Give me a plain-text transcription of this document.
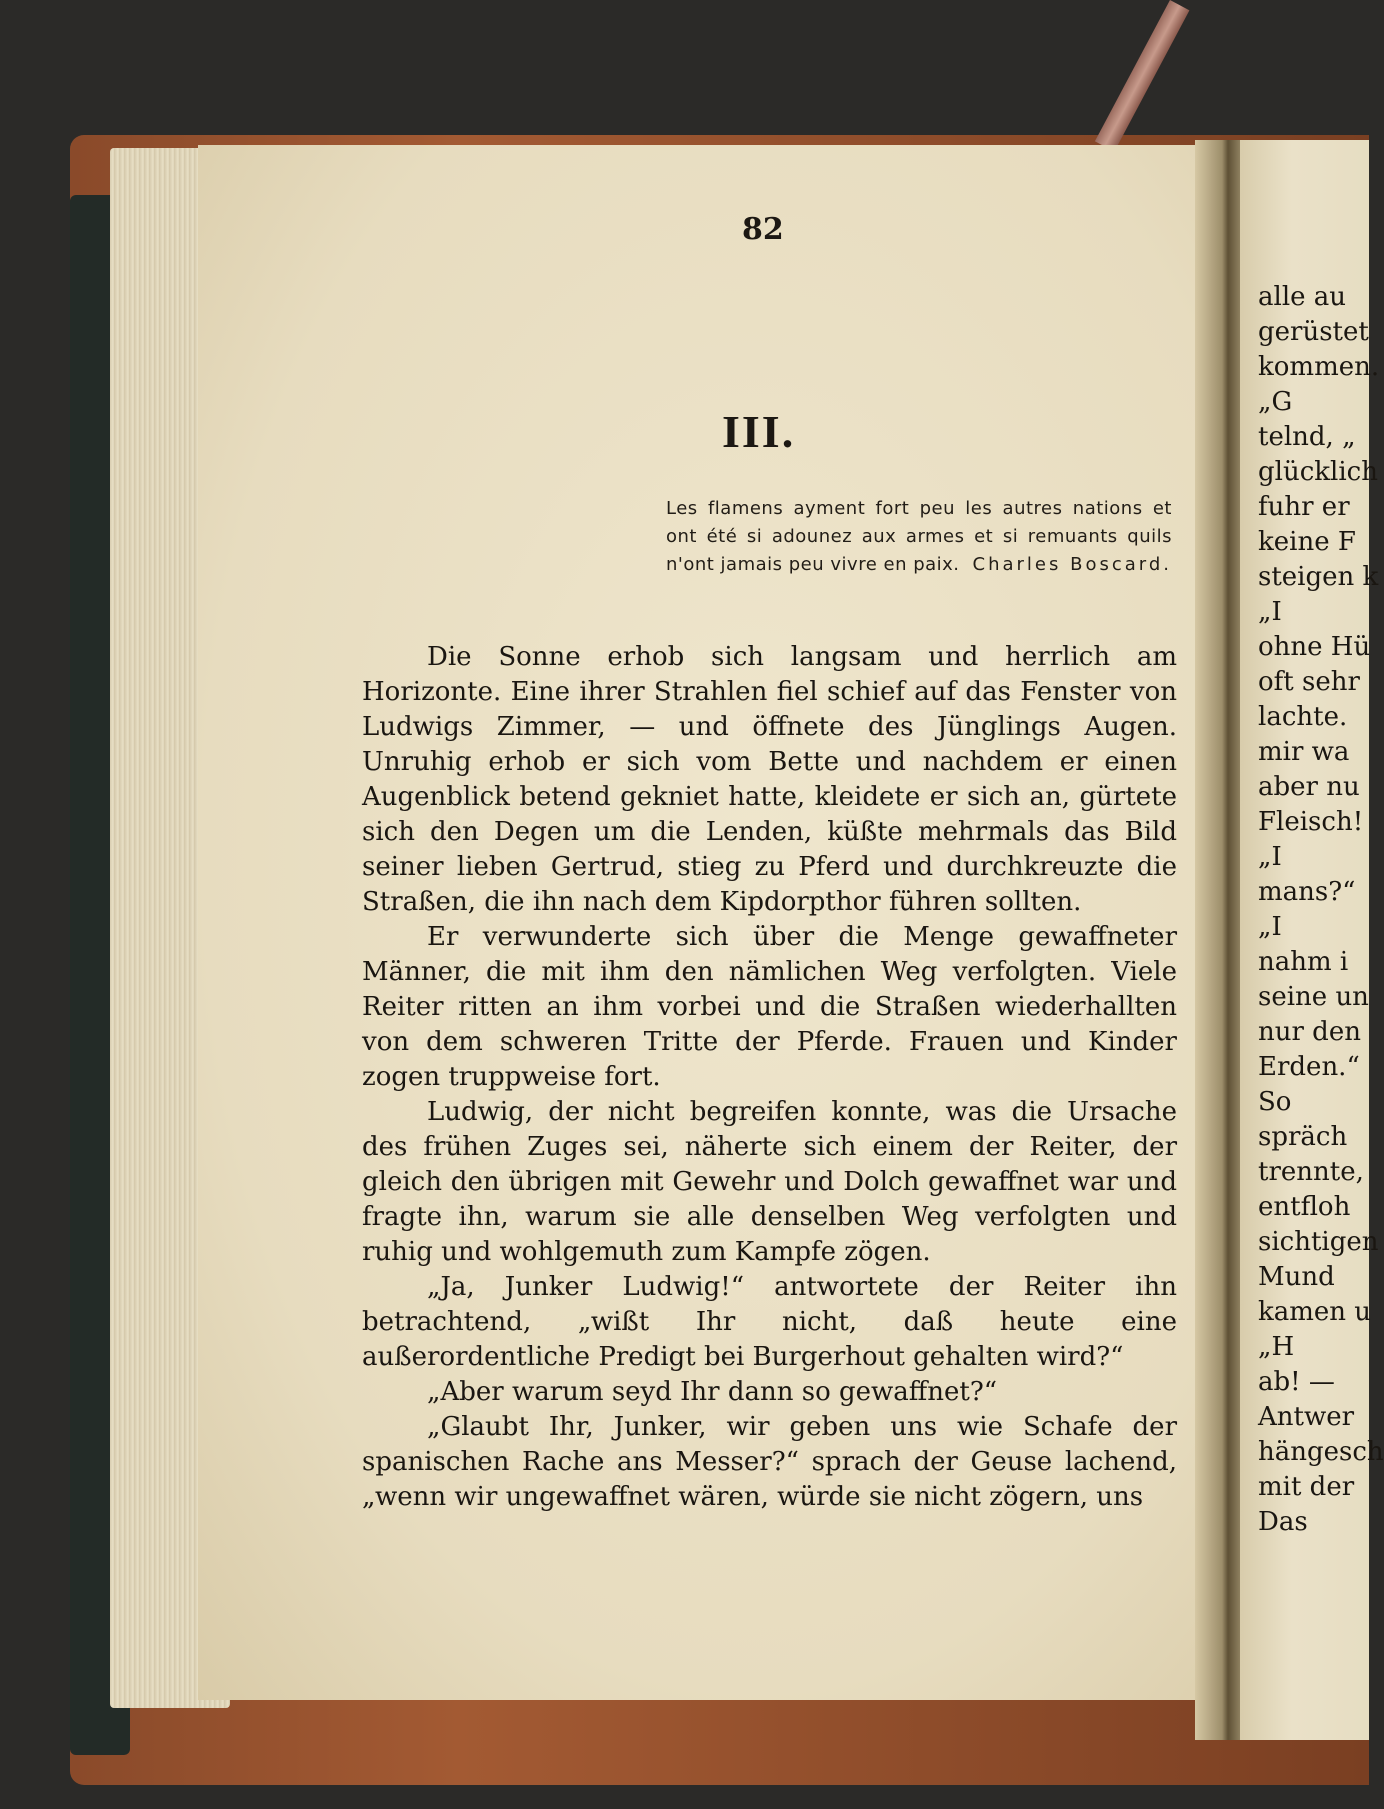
82
III.
Les flamens ayment fort peu les autres nations et ont été si adounez aux armes et si remuants quils n'ont jamais peu vivre en paix. Charles Boscard.

Die Sonne erhob sich langsam und herrlich am Horizonte. Eine ihrer Strahlen fiel schief auf das Fenster von Ludwigs Zimmer, — und öffnete des Jünglings Augen. Unruhig erhob er sich vom Bette und nachdem er einen Augenblick betend gekniet hatte, kleidete er sich an, gürtete sich den Degen um die Lenden, küßte mehrmals das Bild seiner lieben Gertrud, stieg zu Pferd und durchkreuzte die Straßen, die ihn nach dem Kipdorpthor führen sollten.

Er verwunderte sich über die Menge gewaffneter Männer, die mit ihm den nämlichen Weg verfolgten. Viele Reiter ritten an ihm vorbei und die Straßen wiederhallten von dem schweren Tritte der Pferde. Frauen und Kinder zogen truppweise fort.

Ludwig, der nicht begreifen konnte, was die Ursache des frühen Zuges sei, näherte sich einem der Reiter, der gleich den übrigen mit Gewehr und Dolch gewaffnet war und fragte ihn, warum sie alle denselben Weg verfolgten und ruhig und wohlgemuth zum Kampfe zögen.

„Ja, Junker Ludwig!“ antwortete der Reiter ihn betrachtend, „wißt Ihr nicht, daß heute eine außerordentliche Predigt bei Burgerhout gehalten wird?“

„Aber warum seyd Ihr dann so gewaffnet?“

„Glaubt Ihr, Junker, wir geben uns wie Schafe der spanischen Rache ans Messer?“ sprach der Geuse lachend, „wenn wir ungewaffnet wären, würde sie nicht zögern, uns

alle au
gerüstet
kommen.
„G
telnd, „
glücklich
fuhr er
keine F
steigen k
„I
ohne Hü
oft sehr
lachte.
mir wa
aber nu
Fleisch!
„I
mans?“
„I
nahm i
seine un
nur den
Erden.“
So
spräch
trennte,
entfloh
sichtigen
Mund
kamen u
„H
ab! —
Antwer
hängesch
mit der
Das
